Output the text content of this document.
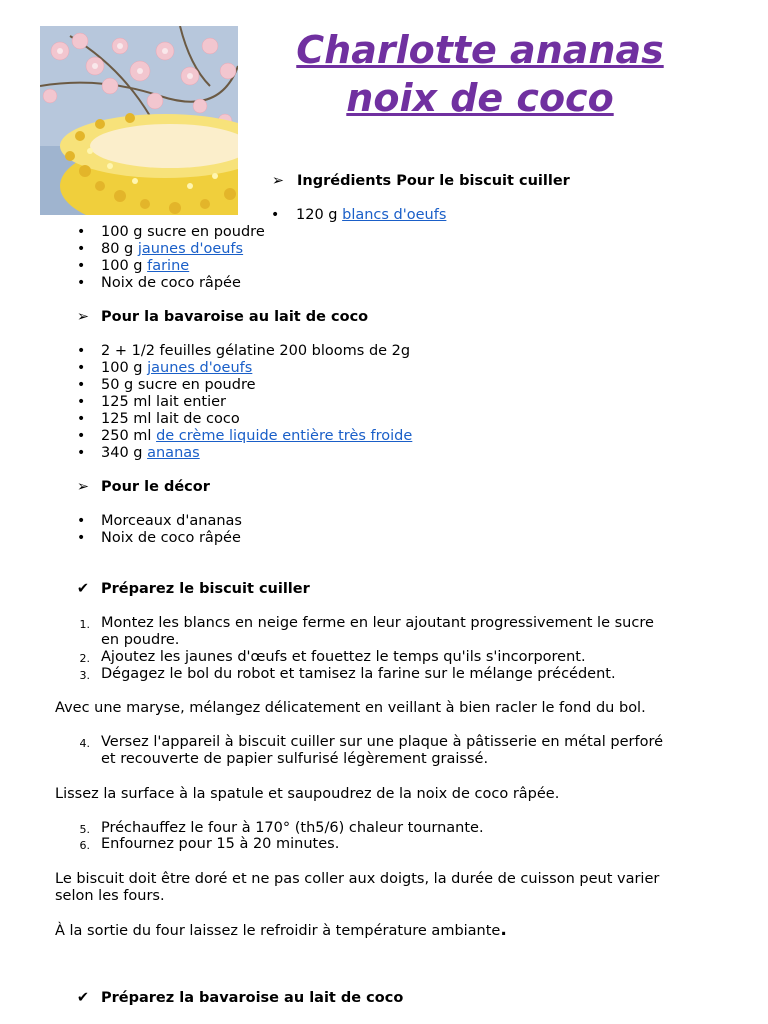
Charlotte ananas noix de coco
➢ Ingrédients Pour le biscuit cuiller
• 120 g blancs d'oeufs
• 100 g sucre en poudre
• 80 g jaunes d'oeufs
• 100 g farine
• Noix de coco râpée
➢ Pour la bavaroise au lait de coco
• 2 + 1/2 feuilles gélatine 200 blooms de 2g
• 100 g jaunes d'oeufs
• 50 g sucre en poudre
• 125 ml lait entier
• 125 ml lait de coco
• 250 ml de crème liquide entière très froide
• 340 g ananas
➢ Pour le décor
• Morceaux d'ananas
• Noix de coco râpée
✔ Préparez le biscuit cuiller
1. Montez les blancs en neige ferme en leur ajoutant progressivement le sucre
en poudre.
2. Ajoutez les jaunes d'œufs et fouettez le temps qu'ils s'incorporent.
3. Dégagez le bol du robot et tamisez la farine sur le mélange précédent.

Avec une maryse, mélangez délicatement en veillant à bien racler le fond du bol.

4. Versez l'appareil à biscuit cuiller sur une plaque à pâtisserie en métal perforé
et recouverte de papier sulfurisé légèrement graissé.

Lissez la surface à la spatule et saupoudrez de la noix de coco râpée.

5. Préchauffez le four à 170° (th5/6) chaleur tournante.
6. Enfournez pour 15 à 20 minutes.

Le biscuit doit être doré et ne pas coller aux doigts, la durée de cuisson peut varier

selon les fours.

À la sortie du four laissez le refroidir à température ambiante.

✔ Préparez la bavaroise au lait de coco
